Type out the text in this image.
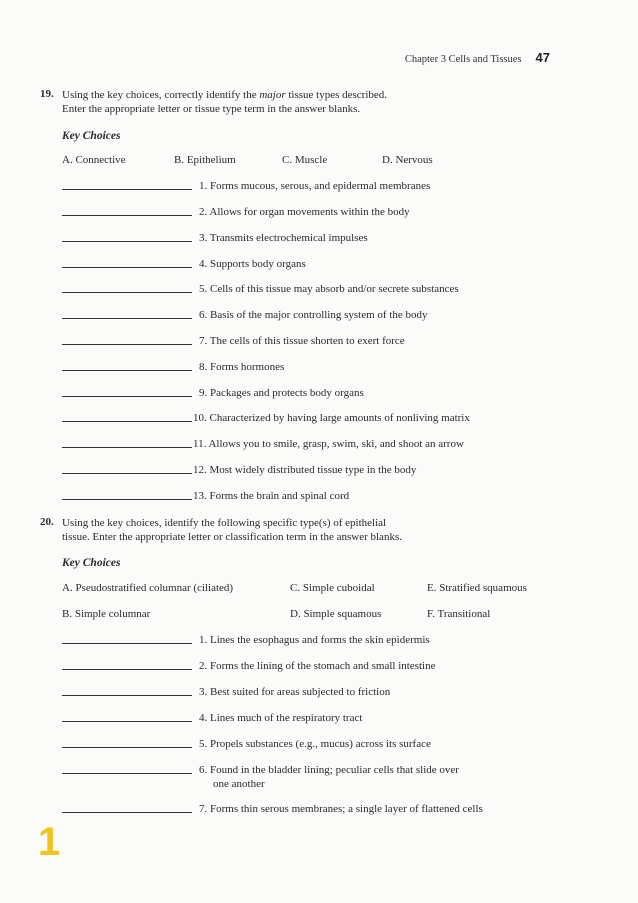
Chapter 3 Cells and Tissues 47
19. Using the key choices, correctly identify the major tissue types described.
Enter the appropriate letter or tissue type term in the answer blanks.
Key Choices
A. Connective	B. Epithelium	C. Muscle	D. Nervous
1. Forms mucous, serous, and epidermal membranes
2. Allows for organ movements within the body
3. Transmits electrochemical impulses
4. Supports body organs
5. Cells of this tissue may absorb and/or secrete substances
6. Basis of the major controlling system of the body
7. The cells of this tissue shorten to exert force
8. Forms hormones
9. Packages and protects body organs
10. Characterized by having large amounts of nonliving matrix
11. Allows you to smile, grasp, swim, ski, and shoot an arrow
12. Most widely distributed tissue type in the body
13. Forms the brain and spinal cord
20. Using the key choices, identify the following specific type(s) of epithelial
tissue. Enter the appropriate letter or classification term in the answer blanks.
Key Choices
A. Pseudostratified columnar (ciliated)	C. Simple cuboidal	E. Stratified squamous
B. Simple columnar	D. Simple squamous	F. Transitional
1. Lines the esophagus and forms the skin epidermis
2. Forms the lining of the stomach and small intestine
3. Best suited for areas subjected to friction
4. Lines much of the respiratory tract
5. Propels substances (e.g., mucus) across its surface
6. Found in the bladder lining; peculiar cells that slide over
one another
7. Forms thin serous membranes; a single layer of flattened cells
1
